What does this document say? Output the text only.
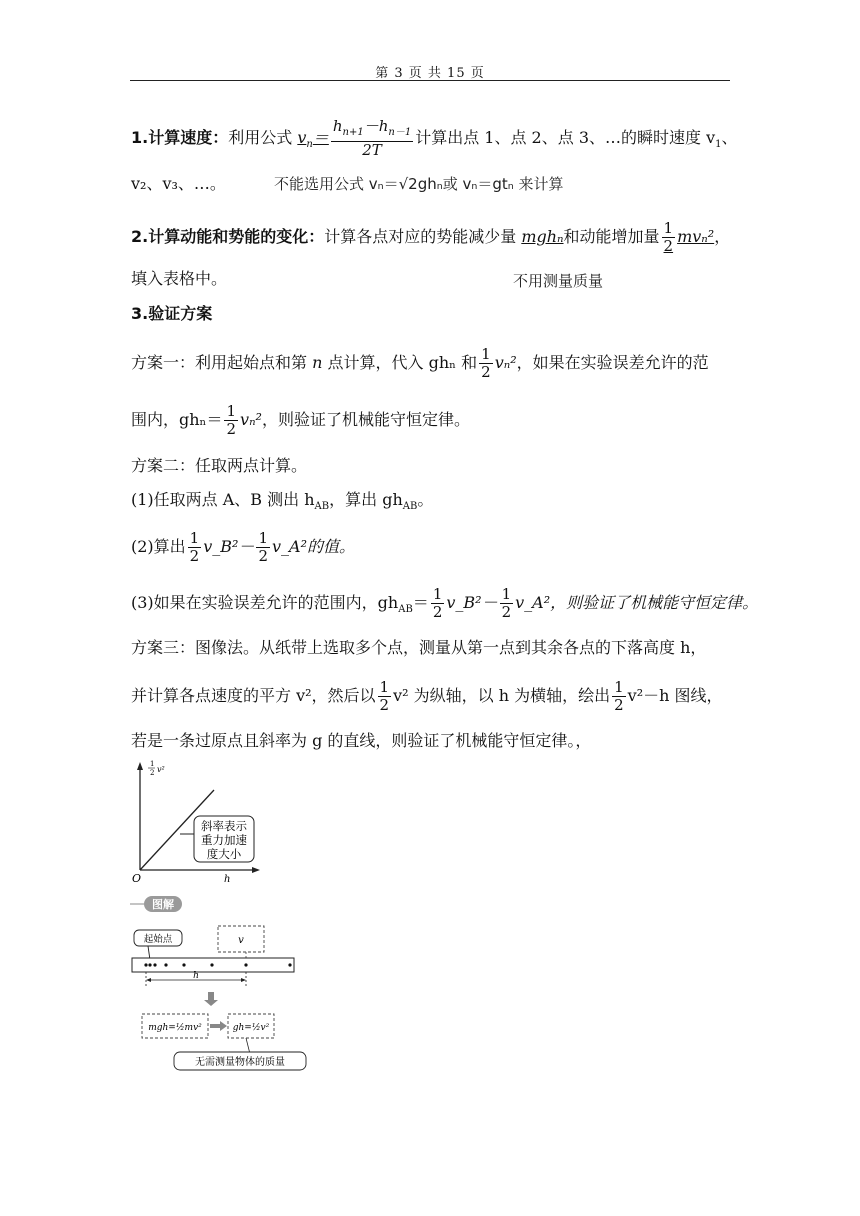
第 3 页 共 15 页
1.计算速度：利用公式 $v_n= \frac{h_{n+1}-h_{n-1}}{2T}$ 计算出点 1、点 2、点 3、…的瞬时速度 $v_1$、
v₂、v₃、…。	不能选用公式 vₙ＝√2ghₙ或 vₙ＝gtₙ 来计算
2.计算动能和势能的变化：计算各点对应的势能减少量 mghₙ和动能增加量 $\frac{1}{2} mv_n^2$，
填入表格中。	不用测量质量
3.验证方案
方案一：利用起始点和第 n 点计算，代入 ghₙ 和 $\frac{1}{2} v_n^2$，如果在实验误差允许的范
围内，$gh_n= \frac{1}{2} v_n^2$，则验证了机械能守恒定律。
方案二：任取两点计算。
(1)任取两点 A、B 测出 $h_{AB}$，算出 $gh_{AB}$。
(2)算出 $\frac{1}{2}$ v_B²－ $\frac{1}{2}$ v_A²的值。
(3)如果在实验误差允许的范围内，$gh_{AB}= \frac{1}{2}$ v_B²－ $\frac{1}{2}$ v_A²，则验证了机械能守恒定律。
方案三：图像法。从纸带上选取多个点，测量从第一点到其余各点的下落高度 h，
并计算各点速度的平方 v²，然后以 $\frac{1}{2} v^2$ 为纵轴，以 h 为横轴，绘出 $\frac{1}{2} v^2-h$ 图线，
若是一条过原点且斜率为 g 的直线，则验证了机械能守恒定律。，
斜率表示
重力加速
度大小
1
2 v²
O	h
图解
起始点	v
h
mgh=½mv²	gh=½v²
无需测量物体的质量
